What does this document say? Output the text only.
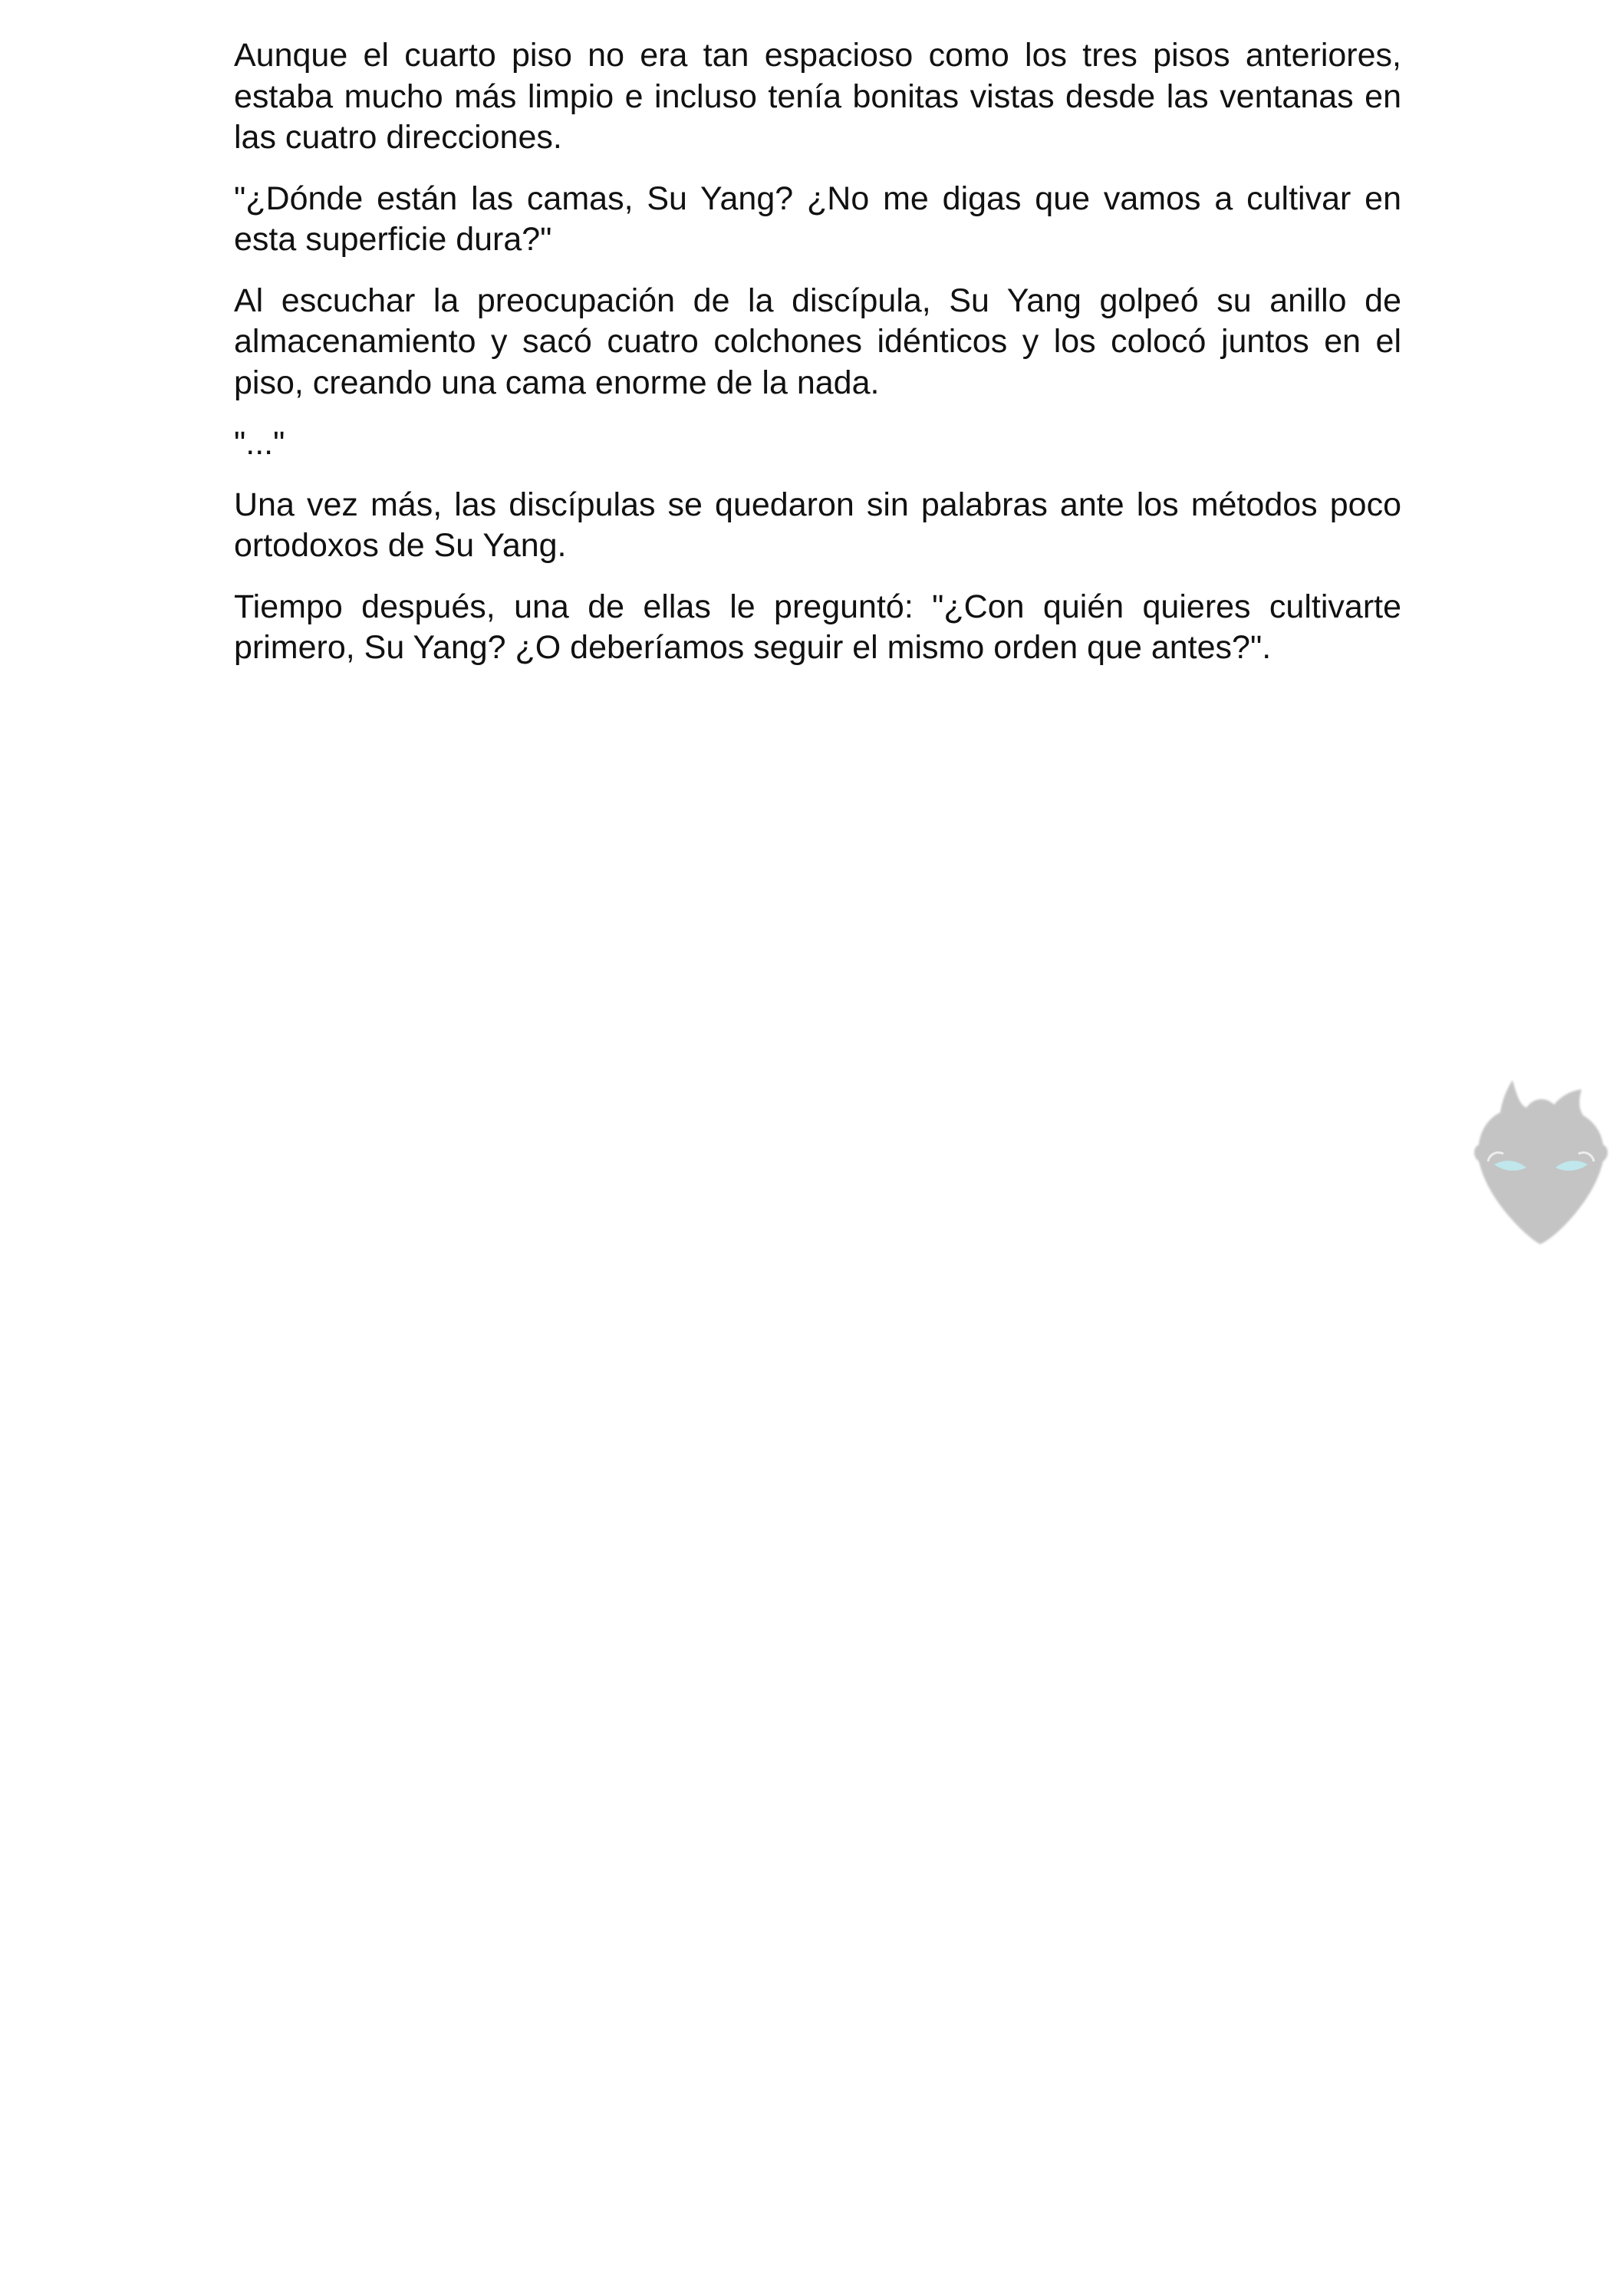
Aunque el cuarto piso no era tan espacioso como los tres pisos anteriores, estaba mucho más limpio e incluso tenía bonitas vistas desde las ventanas en las cuatro direcciones.

"¿Dónde están las camas, Su Yang? ¿No me digas que vamos a cultivar en esta superficie dura?"

Al escuchar la preocupación de la discípula, Su Yang golpeó su anillo de almacenamiento y sacó cuatro colchones idénticos y los colocó juntos en el piso, creando una cama enorme de la nada.

"..."

Una vez más, las discípulas se quedaron sin palabras ante los métodos poco ortodoxos de Su Yang.

Tiempo después, una de ellas le preguntó: "¿Con quién quieres cultivarte primero, Su Yang? ¿O deberíamos seguir el mismo orden que antes?".
